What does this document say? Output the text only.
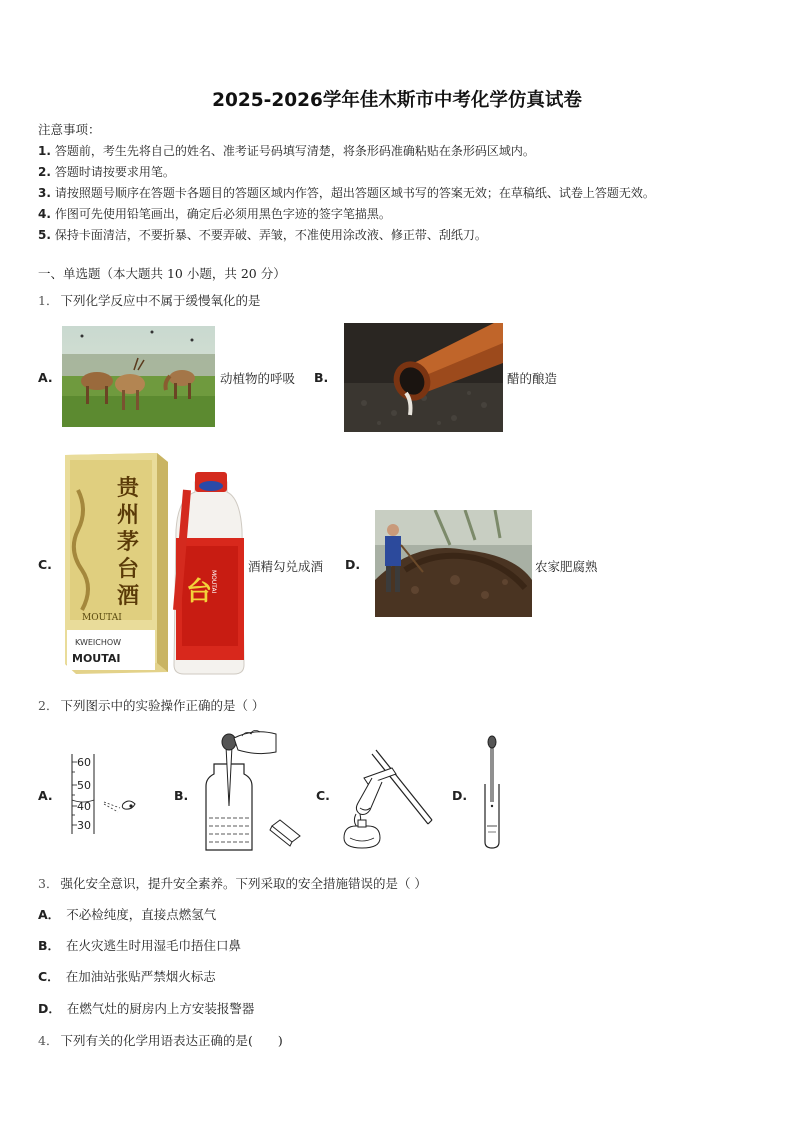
2025-2026学年佳木斯市中考化学仿真试卷
注意事项：
1. 答题前，考生先将自己的姓名、准考证号码填写清楚，将条形码准确粘贴在条形码区域内。
2. 答题时请按要求用笔。
3. 请按照题号顺序在答题卡各题目的答题区域内作答，超出答题区域书写的答案无效；在草稿纸、试卷上答题无效。
4. 作图可先使用铅笔画出，确定后必须用黑色字迹的签字笔描黑。
5. 保持卡面清洁，不要折暴、不要弄破、弄皱，不准使用涂改液、修正带、刮纸刀。
一、单选题（本大题共 10 小题，共 20 分）
1． 下列化学反应中不属于缓慢氧化的是
A.	动植物的呼吸 B.	醋的酿造
C.
MOUTAI
贵州茅台酒
KWEICHOW
MOUTAI
台
MOUTAI
酒精勾兑成酒 D.	农家肥腐熟
2． 下列图示中的实验操作正确的是（ ）
A.
60
50
40
30
B.	C.	D.
3． 强化安全意识，提升安全素养。下列采取的安全措施错误的是（ ）
A． 不必检纯度，直接点燃氢气
B． 在火灾逃生时用湿毛巾捂住口鼻
C． 在加油站张贴严禁烟火标志
D． 在燃气灶的厨房内上方安装报警器
4． 下列有关的化学用语表达正确的是(　　)
